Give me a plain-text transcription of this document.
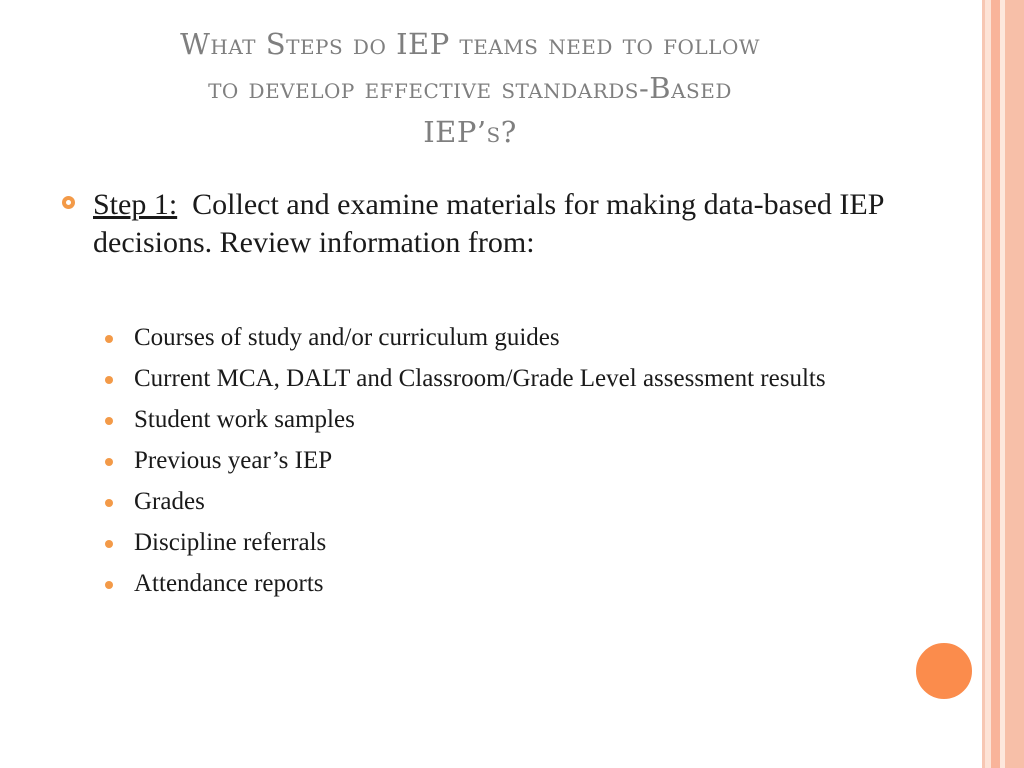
What Steps do IEP teams need to follow
to develop effective standards-Based
IEP’s?
Step 1: Collect and examine materials for making data-based IEP decisions. Review information from:
Courses of study and/or curriculum guides
Current MCA, DALT and Classroom/Grade Level assessment results
Student work samples
Previous year’s IEP
Grades
Discipline referrals
Attendance reports
